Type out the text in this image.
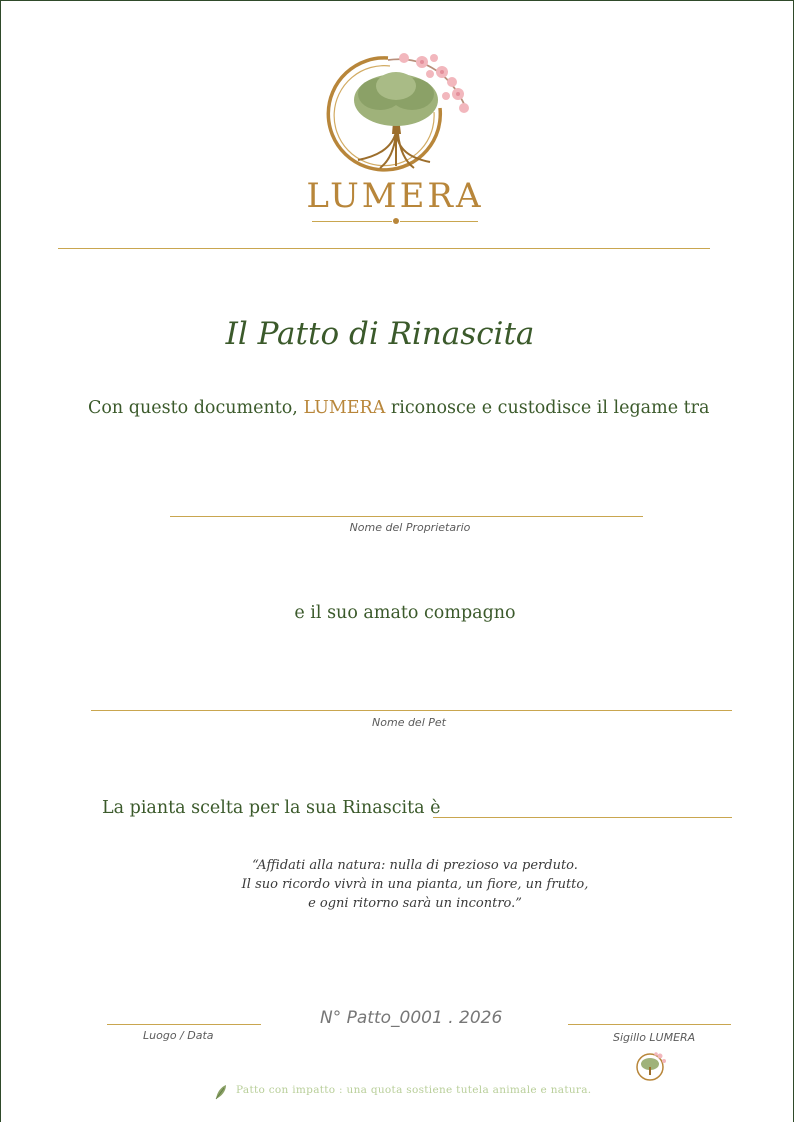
LUMERA
Il Patto di Rinascita
Con questo documento, LUMERA riconosce e custodisce il legame tra
Nome del Proprietario
e il suo amato compagno
Nome del Pet
La pianta scelta per la sua Rinascita è
“Affidati alla natura: nulla di prezioso va perduto.
Il suo ricordo vivrà in una pianta, un fiore, un frutto,
e ogni ritorno sarà un incontro.”
Luogo / Data
N° Patto_0001 . 2026
Sigillo LUMERA
Patto con impatto : una quota sostiene tutela animale e natura.
